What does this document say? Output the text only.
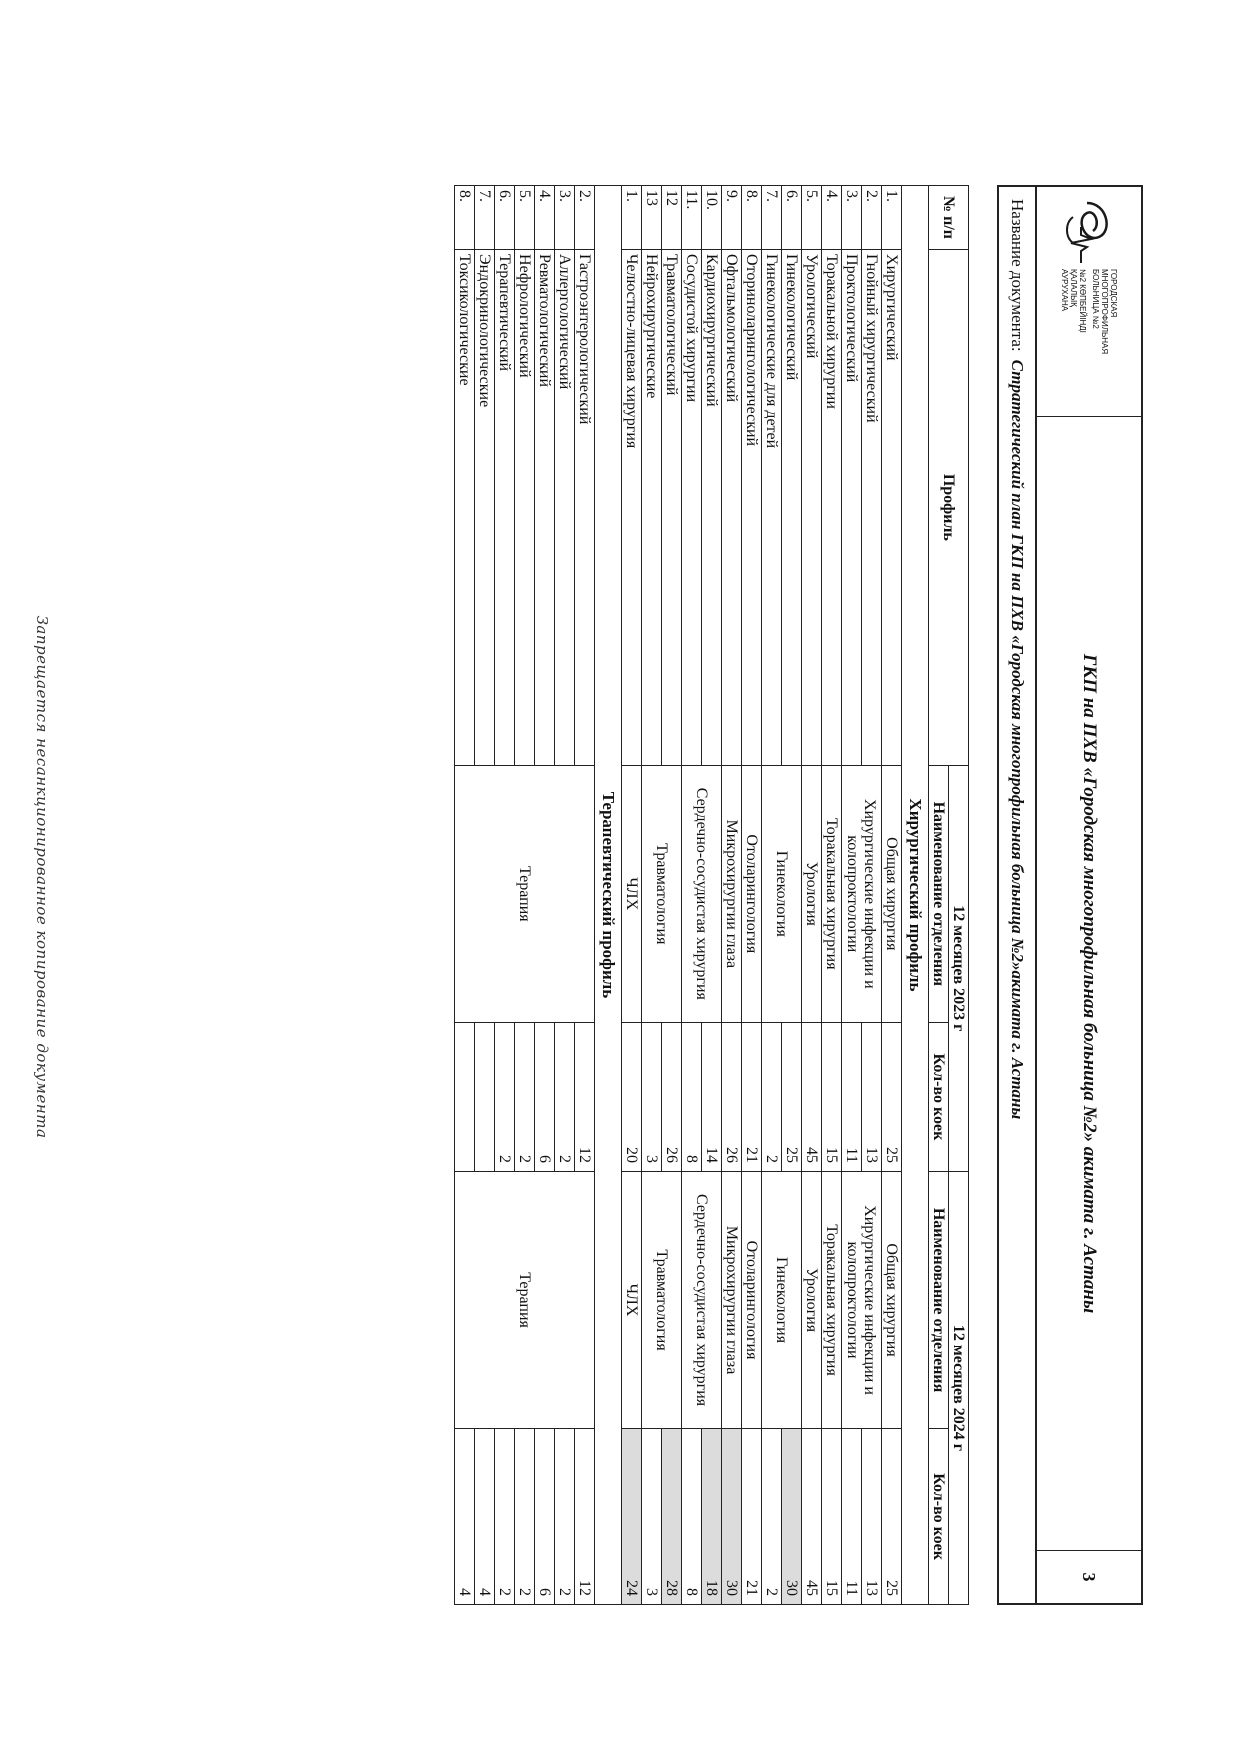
ГОРОДСКАЯ
МНОГОПРОФИЛЬНАЯ
БОЛЬНИЦА №2
№2 КӨПБЕЙІНДІ
ҚАЛАЛЫҚ
АУРУХАНА
ГКП на ПХВ «Городская многопрофильная больница №2» акимата г. Астаны
3
Название документа:
Стратегический план ГКП на ПХВ «Городская многопрофильная больница №2»акимата г. Астаны
№ п/п	Профиль	12 месяцев 2023 г		12 месяцев 2024 г	
		Наименование отделения	Кол-во коек	Наименование отделения	Кол-во коек
Хирургический профиль					
1.	Хирургический	Общая хирургия	25	Общая хирургия	25
2.	Гнойный хирургический	Хирургические инфекции и колопроктологии	13	Хирургические инфекции и колопроктологии	13
3.	Проктологический		11		11
4.	Торакальной хирургии	Торакальная хирургия	15	Торакальная хирургия	15
5.	Урологический	Урология	45	Урология	45
6.	Гинекологический	Гинекология	25	Гинекология	30
7.	Гинекологические для детей		2		2
8.	Оториноларингологический	Отоларингология	21	Отоларингология	21
9.	Офтальмологический	Микрохирургии глаза	26	Микрохирургии глаза	30
10.	Кардиохирургический	Сердечно-сосудистая хирургия	14	Сердечно-сосудистая хирургия	18
11.	Сосудистой хирургии		8		8
12	Травматологический	Травматология	26	Травматология	28
13	Нейрохирургические		3		3
1.	Челюстно-лицевая хирургия	ЧЛХ	20	ЧЛХ	24
Терапевтический профиль					
2.	Гастроэнтерологический	Терапия	12	Терапия	12
3.	Аллергологический		2		2
4.	Ревматологический		6		6
5.	Нефрологический		2		2
6.	Терапевтический		2		2
7.	Эндокринологические				4
8.	Токсикологические				4
Запрещается несанкционированное копирование документа
